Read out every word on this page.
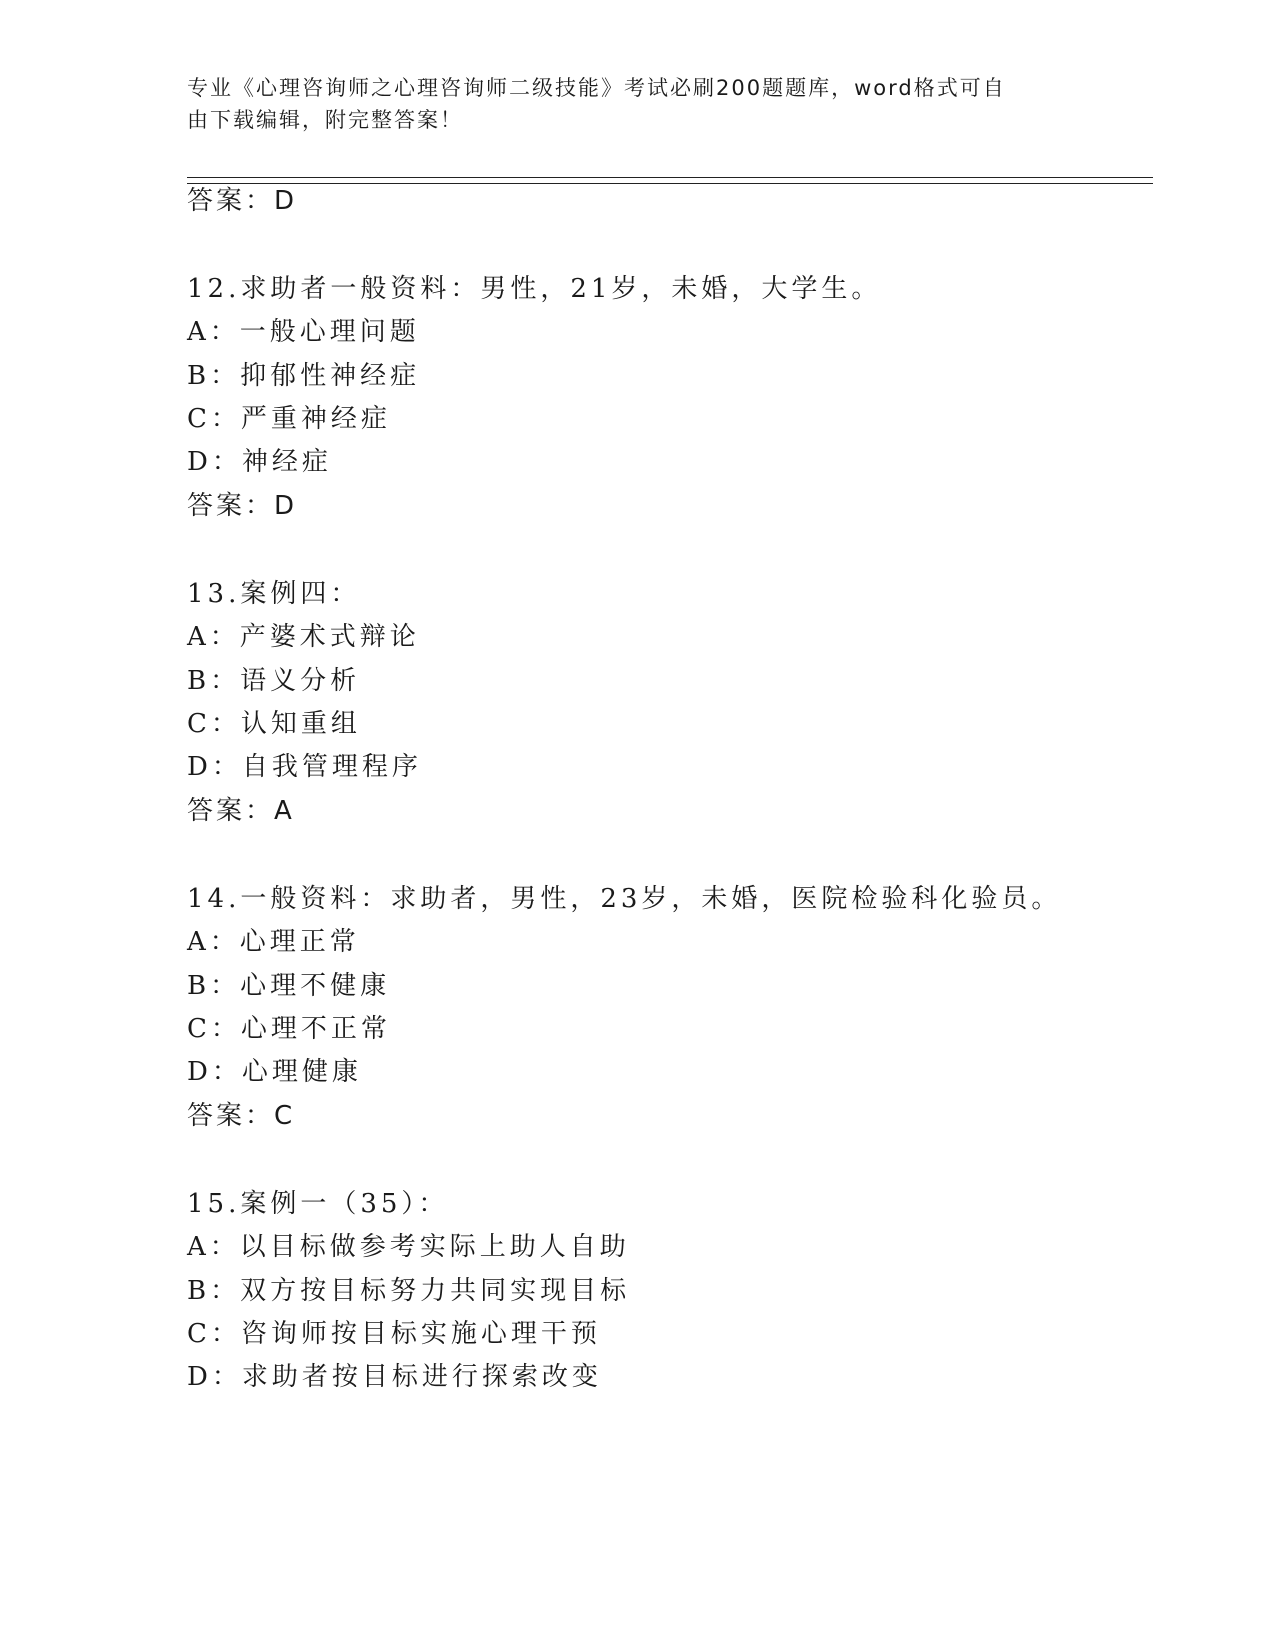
专业《心理咨询师之心理咨询师二级技能》考试必刷200题题库，word格式可自
由下载编辑，附完整答案！
答案：D
12.求助者一般资料：男性，21岁，未婚，大学生。
A：一般心理问题
B：抑郁性神经症
C：严重神经症
D：神经症
答案：D
13.案例四：
A：产婆术式辩论
B：语义分析
C：认知重组
D：自我管理程序
答案：A
14.一般资料：求助者，男性，23岁，未婚，医院检验科化验员。
A：心理正常
B：心理不健康
C：心理不正常
D：心理健康
答案：C
15.案例一（35）：
A：以目标做参考实际上助人自助
B：双方按目标努力共同实现目标
C：咨询师按目标实施心理干预
D：求助者按目标进行探索改变
